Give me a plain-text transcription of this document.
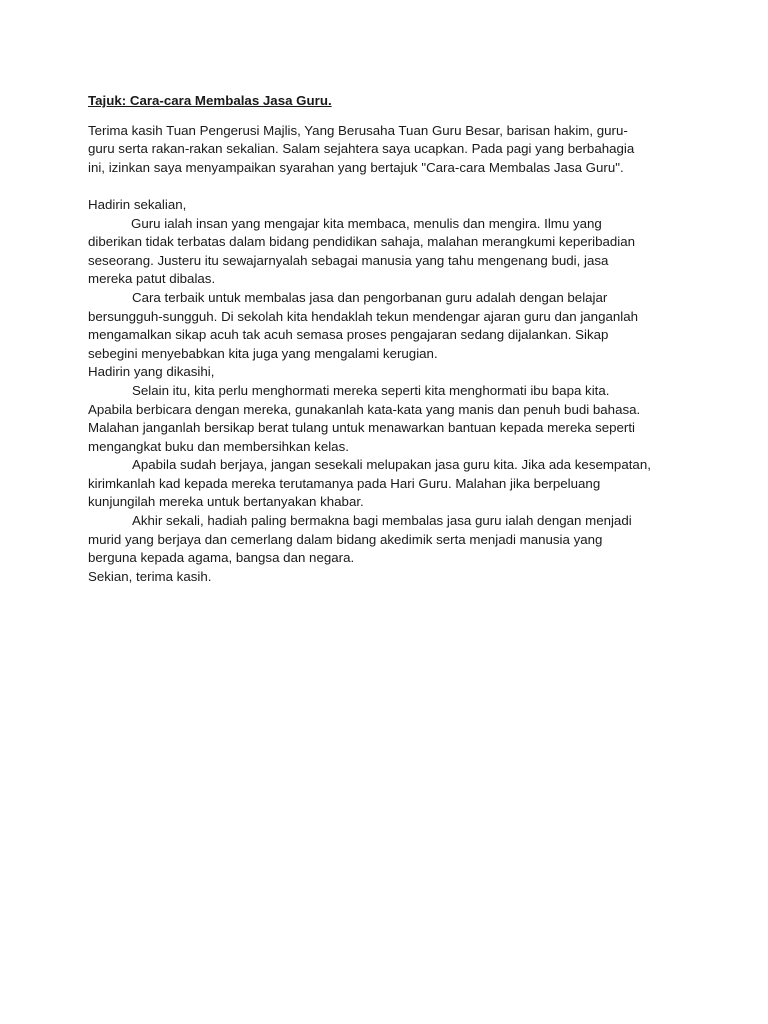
Tajuk: Cara-cara Membalas Jasa Guru.
Terima kasih Tuan Pengerusi Majlis, Yang Berusaha Tuan Guru Besar, barisan hakim, guru-
guru serta rakan-rakan sekalian. Salam sejahtera saya ucapkan. Pada pagi yang berbahagia
ini, izinkan saya menyampaikan syarahan yang bertajuk "Cara-cara Membalas Jasa Guru".
Hadirin sekalian,
Guru ialah insan yang mengajar kita membaca, menulis dan mengira. Ilmu yang
diberikan tidak terbatas dalam bidang pendidikan sahaja, malahan merangkumi keperibadian
seseorang. Justeru itu sewajarnyalah sebagai manusia yang tahu mengenang budi, jasa
mereka patut dibalas.
Cara terbaik untuk membalas jasa dan pengorbanan guru adalah dengan belajar
bersungguh-sungguh. Di sekolah kita hendaklah tekun mendengar ajaran guru dan janganlah
mengamalkan sikap acuh tak acuh semasa proses pengajaran sedang dijalankan. Sikap
sebegini menyebabkan kita juga yang mengalami kerugian.
Hadirin yang dikasihi,
Selain itu, kita perlu menghormati mereka seperti kita menghormati ibu bapa kita.
Apabila berbicara dengan mereka, gunakanlah kata-kata yang manis dan penuh budi bahasa.
Malahan janganlah bersikap berat tulang untuk menawarkan bantuan kepada mereka seperti
mengangkat buku dan membersihkan kelas.
Apabila sudah berjaya, jangan sesekali melupakan jasa guru kita. Jika ada kesempatan,
kirimkanlah kad kepada mereka terutamanya pada Hari Guru. Malahan jika berpeluang
kunjungilah mereka untuk bertanyakan khabar.
Akhir sekali, hadiah paling bermakna bagi membalas jasa guru ialah dengan menjadi
murid yang berjaya dan cemerlang dalam bidang akedimik serta menjadi manusia yang
berguna kepada agama, bangsa dan negara.
Sekian, terima kasih.
